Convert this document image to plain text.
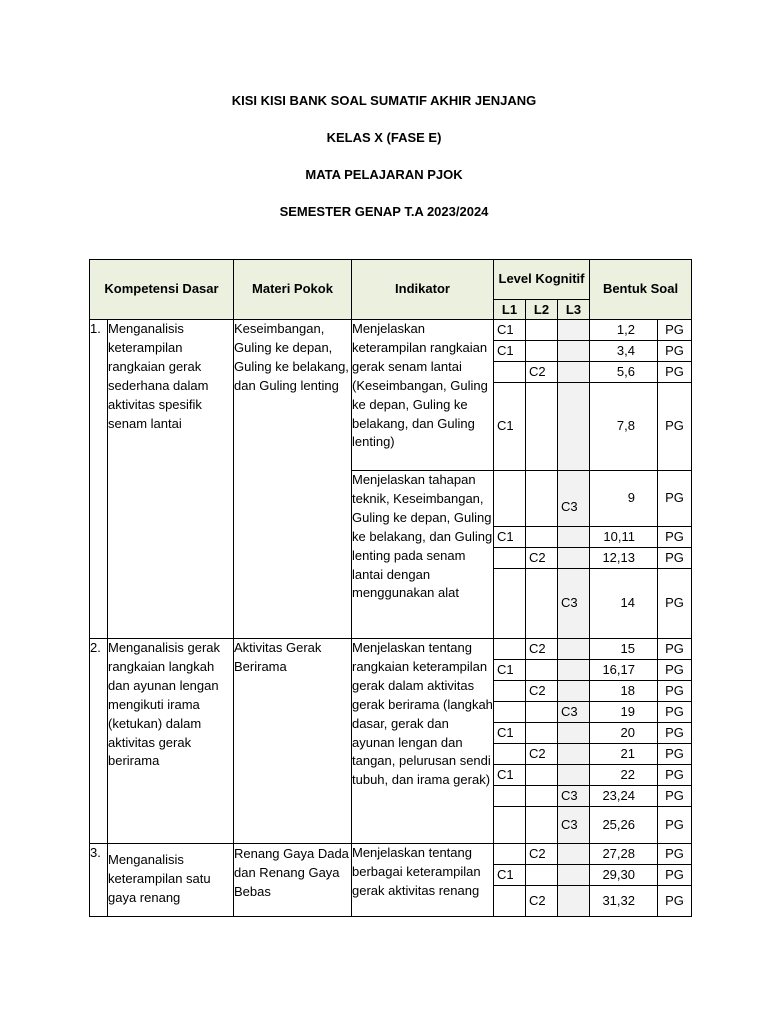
KISI KISI BANK SOAL SUMATIF AKHIR JENJANG

KELAS X (FASE E)

MATA PELAJARAN PJOK

SEMESTER GENAP T.A 2023/2024

Kompetensi Dasar		Materi Pokok	Indikator	Level Kognitif			Bentuk Soal	
				L1	L2	L3		
1.	Menganalisis keterampilan rangkaian gerak sederhana dalam aktivitas spesifik senam lantai	Keseimbangan, Guling ke depan, Guling ke belakang, dan Guling lenting	Menjelaskan keterampilan rangkaian gerak senam lantai (Keseimbangan, Guling ke depan, Guling ke belakang, dan Guling lenting)	C1			1,2	PG
				C1			3,4	PG
					C2		5,6	PG
				C1			7,8	PG
			Menjelaskan tahapan teknik, Keseimbangan, Guling ke depan, Guling ke belakang, dan Guling lenting pada senam lantai dengan menggunakan alat			C3	9	PG
				C1			10,11	PG
					C2		12,13	PG
						C3	14	PG
2.	Menganalisis gerak rangkaian langkah dan ayunan lengan mengikuti irama (ketukan) dalam aktivitas gerak berirama	Aktivitas Gerak Berirama	Menjelaskan tentang rangkaian keterampilan gerak dalam aktivitas gerak berirama (langkah dasar, gerak dan ayunan lengan dan tangan, pelurusan sendi tubuh, dan irama gerak)		C2		15	PG
				C1			16,17	PG
					C2		18	PG
						C3	19	PG
				C1			20	PG
					C2		21	PG
				C1			22	PG
						C3	23,24	PG
						C3	25,26	PG
3.	Menganalisis keterampilan satu gaya renang	Renang Gaya Dada dan Renang Gaya Bebas	Menjelaskan tentang berbagai keterampilan gerak aktivitas renang		C2		27,28	PG
				C1			29,30	PG
					C2		31,32	PG
